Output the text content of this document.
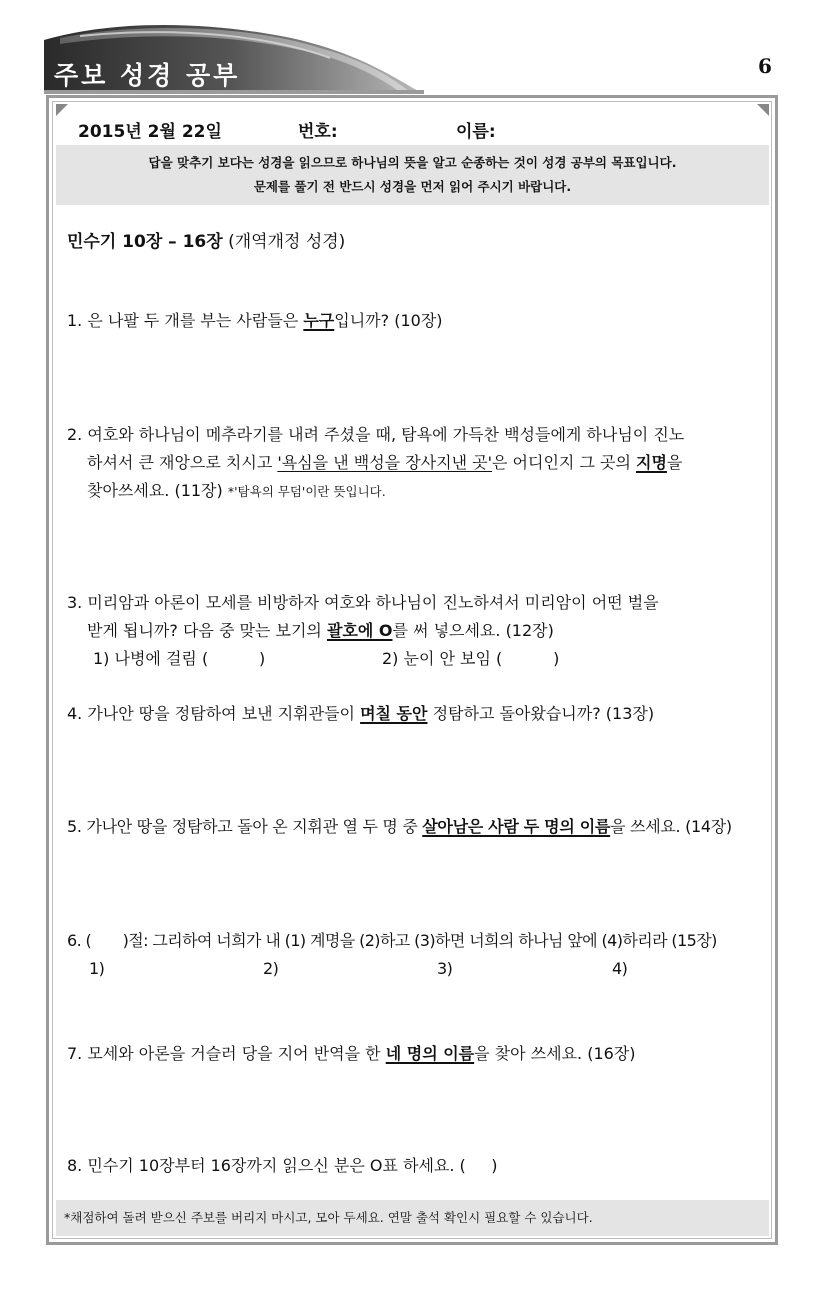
주보 성경 공부	6
2015년 2월 22일	번호:	이름:
답을 맞추기 보다는 성경을 읽으므로 하나님의 뜻을 알고 순종하는 것이 성경 공부의 목표입니다.
문제를 풀기 전 반드시 성경을 먼저 읽어 주시기 바랍니다.
민수기 10장 – 16장 (개역개정 성경)
1. 은 나팔 두 개를 부는 사람들은 누구입니까? (10장)
2. 여호와 하나님이 메추라기를 내려 주셨을 때, 탐욕에 가득찬 백성들에게 하나님이 진노
하셔서 큰 재앙으로 치시고 '욕심을 낸 백성을 장사지낸 곳'은 어디인지 그 곳의 지명을
찾아쓰세요. (11장) *'탐욕의 무덤'이란 뜻입니다.
3. 미리암과 아론이 모세를 비방하자 여호와 하나님이 진노하셔서 미리암이 어떤 벌을
받게 됩니까? 다음 중 맞는 보기의 괄호에 O를 써 넣으세요. (12장)
1) 나병에 걸림 (          )	2) 눈이 안 보임 (          )
4. 가나안 땅을 정탐하여 보낸 지휘관들이 며칠 동안 정탐하고 돌아왔습니까? (13장)
5. 가나안 땅을 정탐하고 돌아 온 지휘관 열 두 명 중 살아남은 사람 두 명의 이름을 쓰세요. (14장)
6. (       )절: 그리하여 너희가 내 (1) 계명을 (2)하고 (3)하면 너희의 하나님 앞에 (4)하리라 (15장)
1)	2)	3)	4)
7. 모세와 아론을 거슬러 당을 지어 반역을 한 네 명의 이름을 찾아 쓰세요. (16장)
8. 민수기 10장부터 16장까지 읽으신 분은 O표 하세요. (     )
*채점하여 돌려 받으신 주보를 버리지 마시고, 모아 두세요. 연말 출석 확인시 필요할 수 있습니다.
